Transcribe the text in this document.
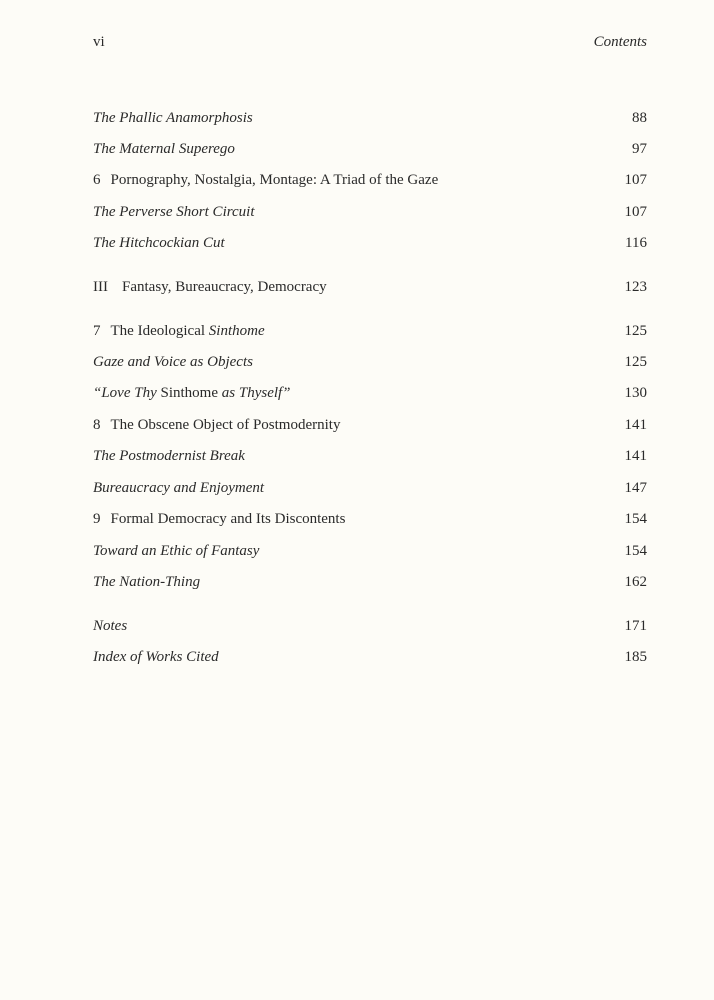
vi	Contents
The Phallic Anamorphosis	88
The Maternal Superego	97
6 Pornography, Nostalgia, Montage: A Triad of the Gaze	107
The Perverse Short Circuit	107
The Hitchcockian Cut	116
III Fantasy, Bureaucracy, Democracy	123
7 The Ideological Sinthome	125
Gaze and Voice as Objects	125
“Love Thy Sinthome as Thyself”	130
8 The Obscene Object of Postmodernity	141
The Postmodernist Break	141
Bureaucracy and Enjoyment	147
9 Formal Democracy and Its Discontents	154
Toward an Ethic of Fantasy	154
The Nation-Thing	162
Notes	171
Index of Works Cited	185
